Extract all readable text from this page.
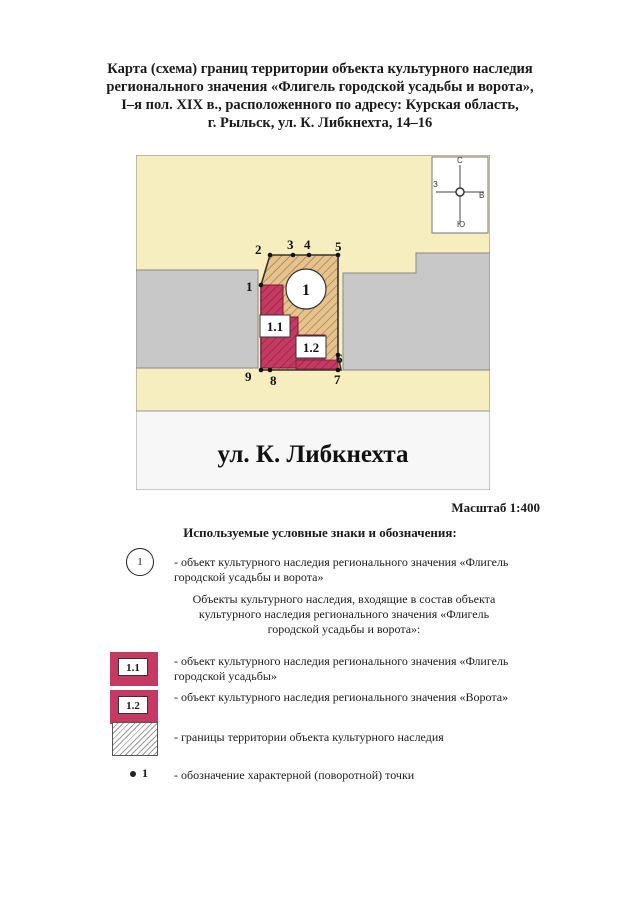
Карта (схема) границ территории объекта культурного наследия
регионального значения «Флигель городской усадьбы и ворота»,
I–я пол. XIX в., расположенного по адресу: Курская область,
г. Рыльск, ул. К. Либкнехта, 14–16
С
Ю
З
В
1
1.1
1.2
1
2 3 4 5
6
7
8
9
ул. К. Либкнехта
Масштаб 1:400
Используемые условные знаки и обозначения:
1	- объект культурного наследия регионального значения «Флигель городской усадьбы и ворота»
Объекты культурного наследия, входящие в состав объекта культурного наследия регионального значения «Флигель городской усадьбы и ворота»:
1.1	- объект культурного наследия регионального значения «Флигель городской усадьбы»
1.2
- объект культурного наследия регионального значения «Ворота»
- границы территории объекта культурного наследия
1 - обозначение характерной (поворотной) точки
